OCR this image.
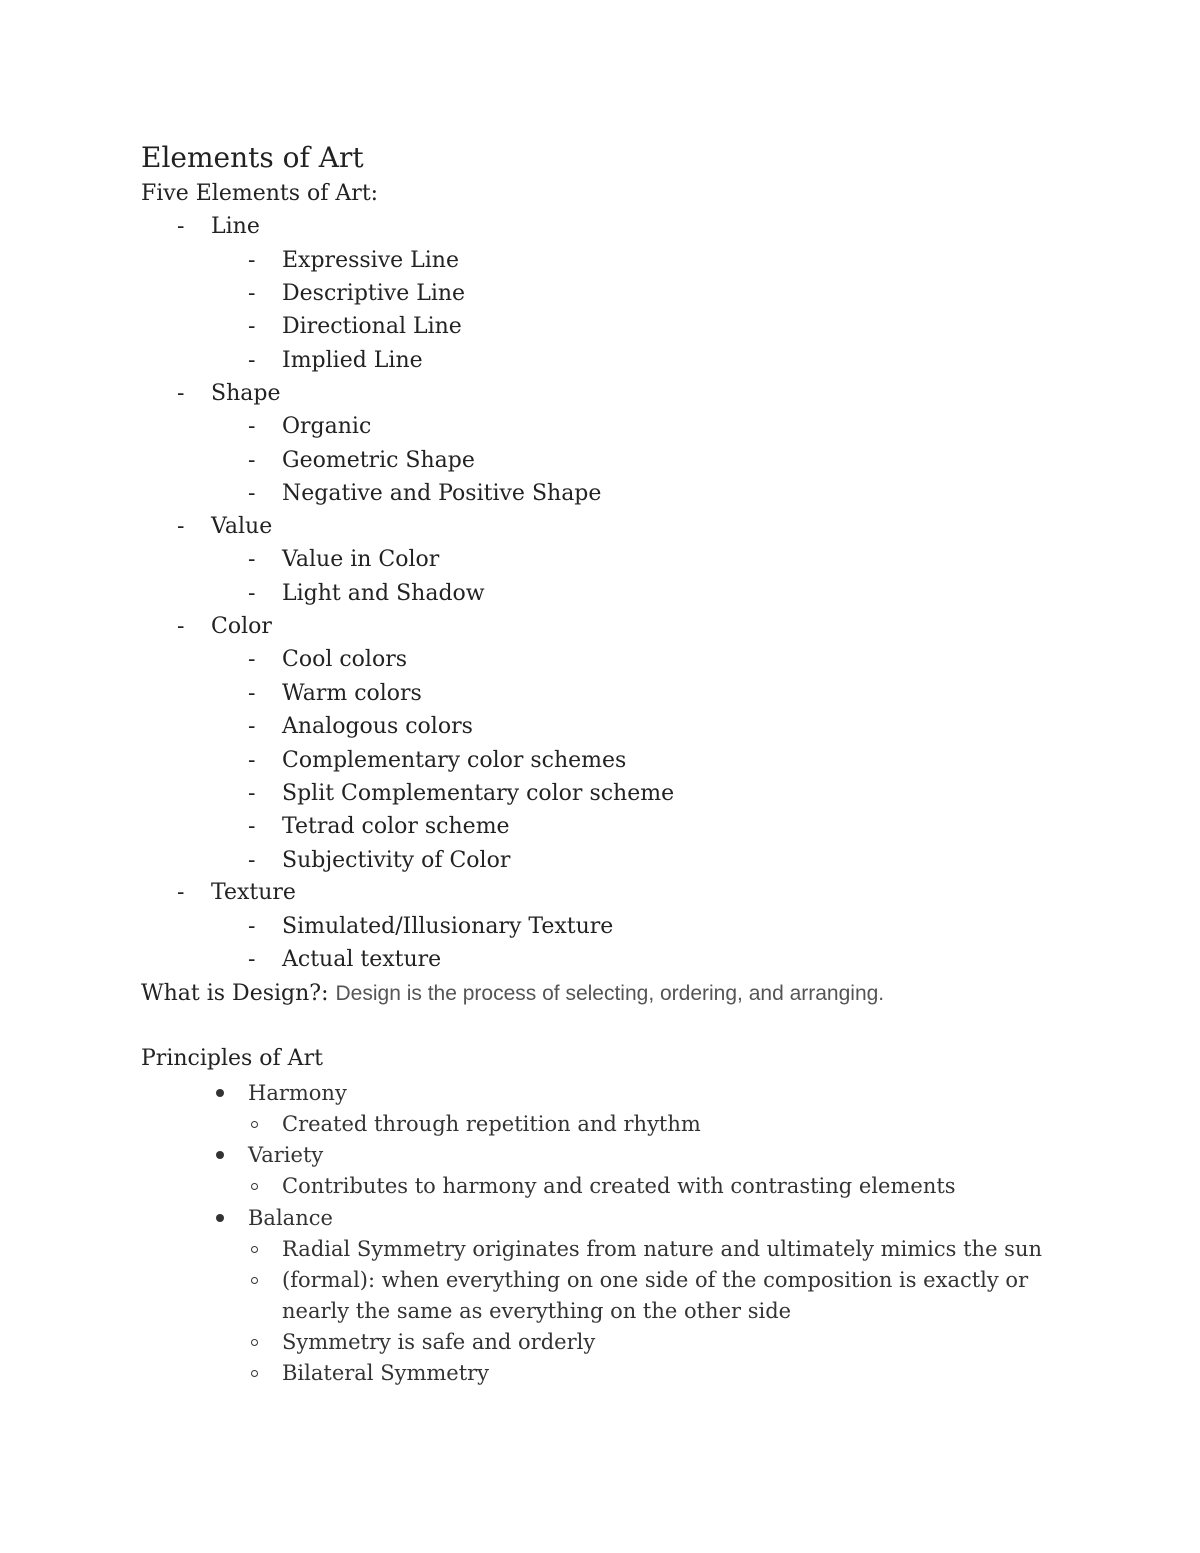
Elements of Art
Five Elements of Art:
- Line
- Expressive Line
- Descriptive Line
- Directional Line
- Implied Line
- Shape
- Organic
- Geometric Shape
- Negative and Positive Shape
- Value
- Value in Color
- Light and Shadow
- Color
- Cool colors
- Warm colors
- Analogous colors
- Complementary color schemes
- Split Complementary color scheme
- Tetrad color scheme
- Subjectivity of Color
- Texture
- Simulated/Illusionary Texture
- Actual texture
What is Design?: Design is the process of selecting, ordering, and arranging.
Principles of Art
Harmony
Created through repetition and rhythm
Variety
Contributes to harmony and created with contrasting elements
Balance
Radial Symmetry originates from nature and ultimately mimics the sun
(formal): when everything on one side of the composition is exactly or
nearly the same as everything on the other side
Symmetry is safe and orderly
Bilateral Symmetry
